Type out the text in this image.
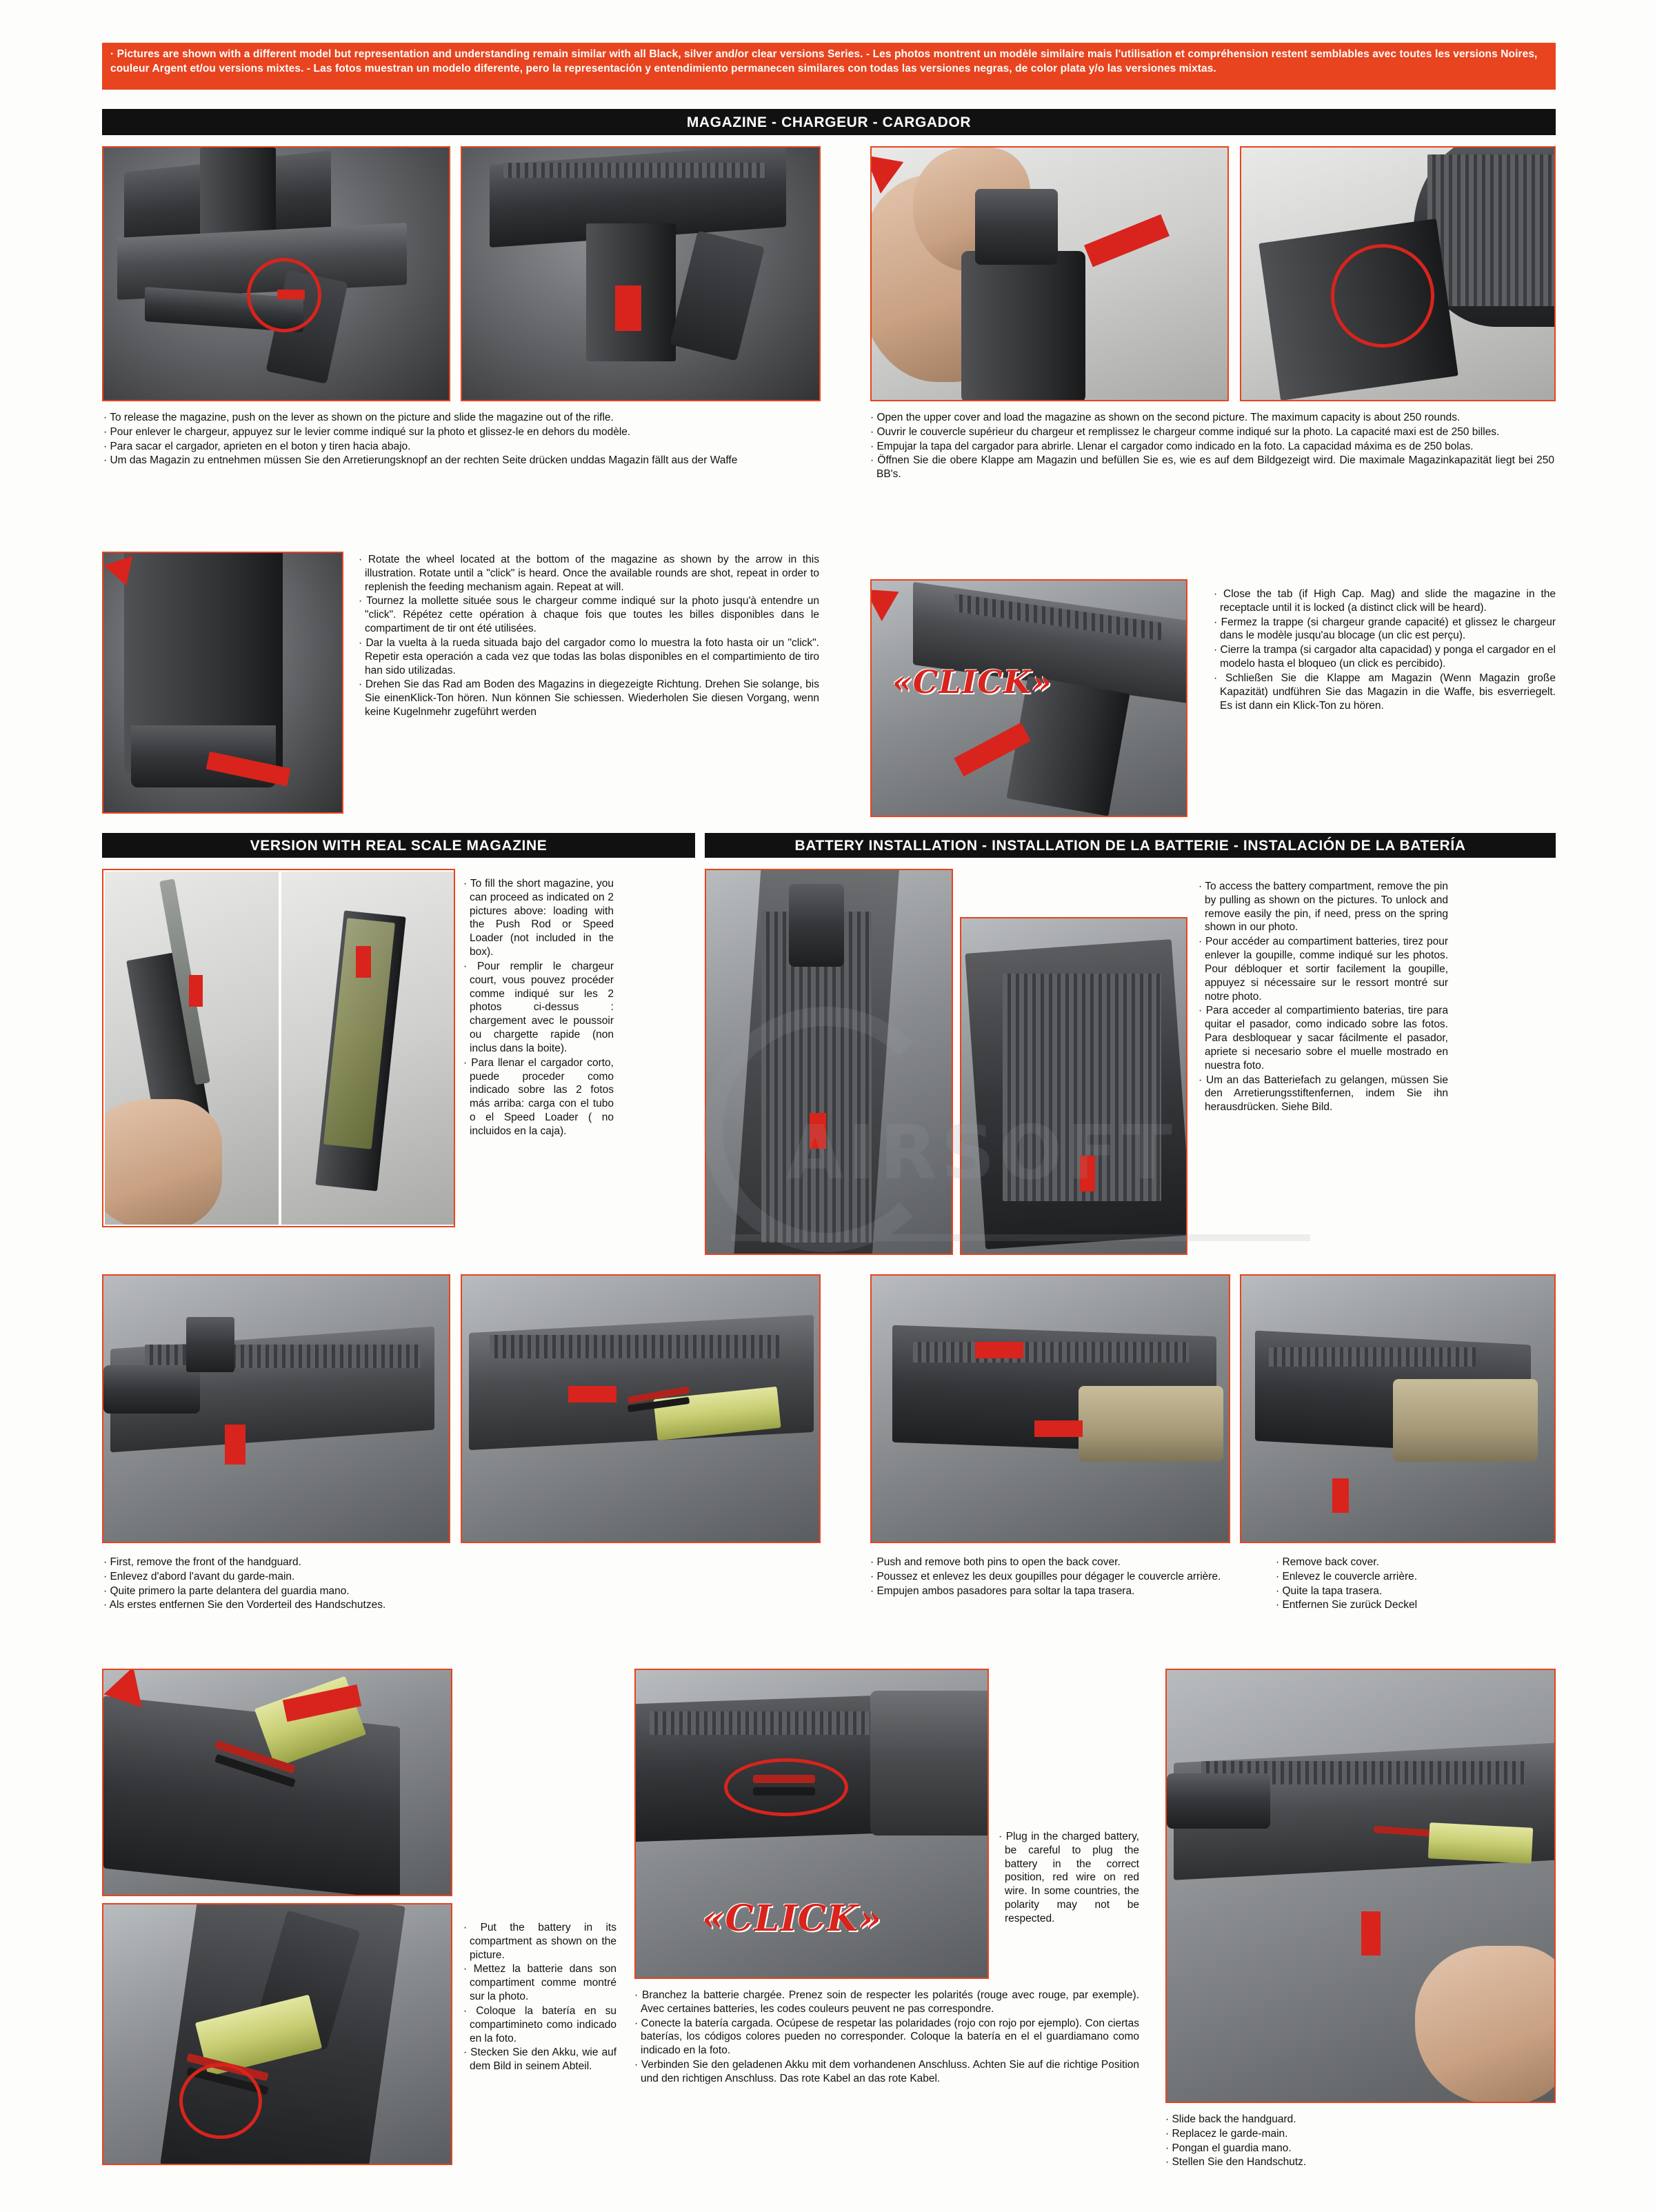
· Pictures are shown with a different model but representation and understanding remain similar with all Black, silver and/or clear versions Series. - Les photos montrent un modèle similaire mais l'utilisation et compréhension restent semblables avec toutes les versions Noires, couleur Argent et/ou versions mixtes. - Las fotos muestran un modelo diferente, pero la representación y entendimiento permanecen similares con todas las versiones negras, de color plata y/o las versiones mixtas.
MAGAZINE - CHARGEUR - CARGADOR

· To release the magazine, push on the lever as shown on the picture and slide the magazine out of the rifle.

· Pour enlever le chargeur, appuyez sur le levier comme indiqué sur la photo et glissez-le en dehors du modèle.

· Para sacar el cargador, aprieten en el boton y tiren hacia abajo.

· Um das Magazin zu entnehmen müssen Sie den Arretierungsknopf an der rechten Seite drücken unddas Magazin fällt aus der Waffe

· Open the upper cover and load the magazine as shown on the second picture. The maximum capacity is about 250 rounds.

· Ouvrir le couvercle supérieur du chargeur et remplissez le chargeur comme indiqué sur la photo. La capacité maxi est de 250 billes.

· Empujar la tapa del cargador para abrirle. Llenar el cargador como indicado en la foto. La capacidad máxima es de 250 bolas.

· Öffnen Sie die obere Klappe am Magazin und befüllen Sie es, wie es auf dem Bildgezeigt wird. Die maximale Magazinkapazität liegt bei 250 BB's.

· Rotate the wheel located at the bottom of the magazine as shown by the arrow in this illustration. Rotate until a "click" is heard. Once the available rounds are shot, repeat in order to replenish the feeding mechanism again. Repeat at will.

· Tournez la mollette située sous le chargeur comme indiqué sur la photo jusqu'à entendre un "click". Répétez cette opération à chaque fois que toutes les billes disponibles dans le compartiment de tir ont été utilisées.

· Dar la vuelta à la rueda situada bajo del cargador como lo muestra la foto hasta oir un "click". Repetir esta operación a cada vez que todas las bolas disponibles en el compartimiento de tiro han sido utilizadas.

· Drehen Sie das Rad am Boden des Magazins in diegezeigte Richtung. Drehen Sie solange, bis Sie einenKlick-Ton hören. Nun können Sie schiessen. Wiederholen Sie diesen Vorgang, wenn keine Kugelnmehr zugeführt werden

«CLICK»

· Close the tab (if High Cap. Mag) and slide the magazine in the receptacle until it is locked (a distinct click will be heard).

· Fermez la trappe (si chargeur grande capacité) et glissez le chargeur dans le modèle jusqu'au blocage (un clic est perçu).

· Cierre la trampa (si cargador alta capacidad) y ponga el cargador en el modelo hasta el bloqueo (un click es percibido).

· Schließen Sie die Klappe am Magazin (Wenn Magazin große Kapazität) undführen Sie das Magazin in die Waffe, bis esverriegelt. Es ist dann ein Klick-Ton zu hören.

VERSION WITH REAL SCALE MAGAZINE	BATTERY INSTALLATION - INSTALLATION DE LA BATTERIE - INSTALACIÓN DE LA BATERÍA

· To fill the short magazine, you can proceed as indicated on 2 pictures above: loading with the Push Rod or Speed Loader (not included in the box).

· Pour remplir le chargeur court, vous pouvez procéder comme indiqué sur les 2 photos ci-dessus : chargement avec le poussoir ou chargette rapide (non inclus dans la boite).

· Para llenar el cargador corto, puede proceder como indicado sobre las 2 fotos más arriba: carga con el tubo o el Speed Loader ( no incluidos en la caja).

· To access the battery compartment, remove the pin by pulling as shown on the pictures. To unlock and remove easily the pin, if need, press on the spring shown in our photo.

· Pour accéder au compartiment batteries, tirez pour enlever la goupille, comme indiqué sur les photos. Pour débloquer et sortir facilement la goupille, appuyez si nécessaire sur le ressort montré sur notre photo.

· Para acceder al compartimiento baterias, tire para quitar el pasador, como indicado sobre las fotos. Para desbloquear y sacar fácilmente el pasador, apriete si necesario sobre el muelle mostrado en nuestra foto.

· Um an das Batteriefach zu gelangen, müssen Sie den Arretierungsstiftenfernen, indem Sie ihn herausdrücken. Siehe Bild.

· First, remove the front of the handguard.

· Enlevez d'abord l'avant du garde-main.

· Quite primero la parte delantera del guardia mano.

· Als erstes entfernen Sie den Vorderteil des Handschutzes.

· Push and remove both pins to open the back cover.

· Poussez et enlevez les deux goupilles pour dégager le couvercle arrière.

· Empujen ambos pasadores para soltar la tapa trasera.

· Remove back cover.

· Enlevez le couvercle arrière.

· Quite la tapa trasera.

· Entfernen Sie zurück Deckel

· Put the battery in its compartment as shown on the picture.

· Mettez la batterie dans son compartiment comme montré sur la photo.

· Coloque la batería en su compartimineto como indicado en la foto.

· Stecken Sie den Akku, wie auf dem Bild in seinem Abteil.

«CLICK»

· Plug in the charged battery, be careful to plug the battery in the correct position, red wire on red wire. In some countries, the polarity may not be respected.

· Branchez la batterie chargée. Prenez soin de respecter les polarités (rouge avec rouge, par exemple). Avec certaines batteries, les codes couleurs peuvent ne pas correspondre.

· Conecte la batería cargada. Ocúpese de respetar las polaridades (rojo con rojo por ejemplo). Con ciertas baterías, los códigos colores pueden no corresponder. Coloque la batería en el el guardiamano como indicado en la foto.

· Verbinden Sie den geladenen Akku mit dem vorhandenen Anschluss. Achten Sie auf die richtige Position und den richtigen Anschluss. Das rote Kabel an das rote Kabel.

· Slide back the handguard.

· Replacez le garde-main.

· Pongan el guardia mano.

· Stellen Sie den Handschutz.
